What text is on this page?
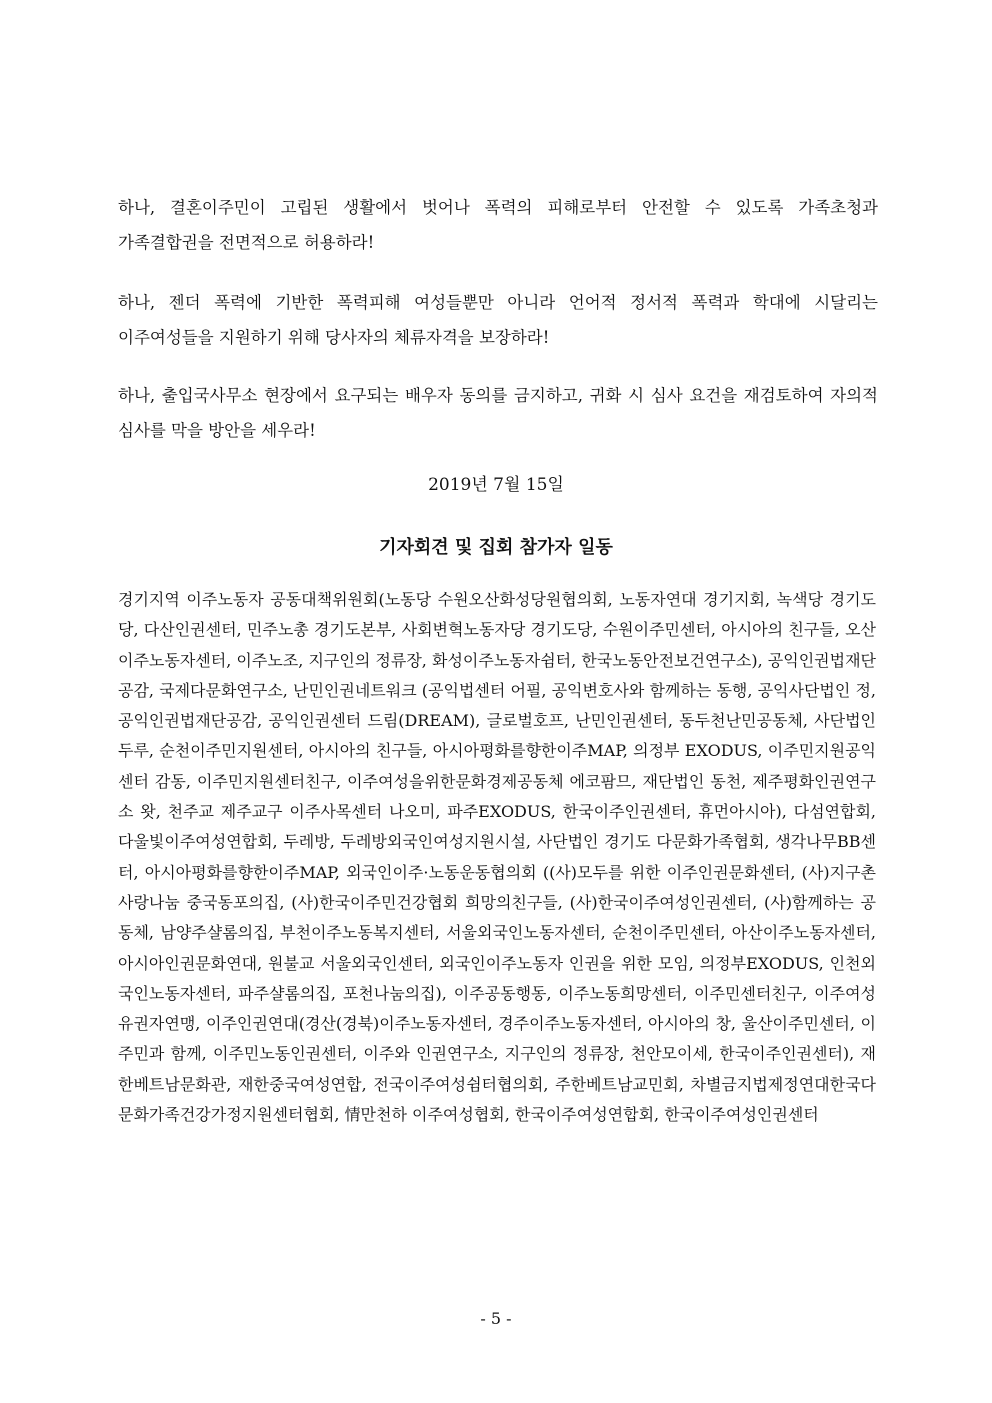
하나, 결혼이주민이 고립된 생활에서 벗어나 폭력의 피해로부터 안전할 수 있도록 가족초청과 가족결합권을 전면적으로 허용하라!

하나, 젠더 폭력에 기반한 폭력피해 여성들뿐만 아니라 언어적 정서적 폭력과 학대에 시달리는 이주여성들을 지원하기 위해 당사자의 체류자격을 보장하라!

하나, 출입국사무소 현장에서 요구되는 배우자 동의를 금지하고, 귀화 시 심사 요건을 재검토하여 자의적 심사를 막을 방안을 세우라!

2019년 7월 15일

기자회견 및 집회 참가자 일동

경기지역 이주노동자 공동대책위원회(노동당 수원오산화성당원협의회, 노동자연대 경기지회, 녹색당 경기도당, 다산인권센터, 민주노총 경기도본부, 사회변혁노동자당 경기도당, 수원이주민센터, 아시아의 친구들, 오산이주노동자센터, 이주노조, 지구인의 정류장, 화성이주노동자쉼터, 한국노동안전보건연구소), 공익인권법재단공감, 국제다문화연구소, 난민인권네트워크 (공익법센터 어필, 공익변호사와 함께하는 동행, 공익사단법인 정, 공익인권법재단공감, 공익인권센터 드림(DREAM), 글로벌호프, 난민인권센터, 동두천난민공동체, 사단법인두루, 순천이주민지원센터, 아시아의 친구들, 아시아평화를향한이주MAP, 의정부 EXODUS, 이주민지원공익센터 감동, 이주민지원센터친구, 이주여성을위한문화경제공동체 에코팜므, 재단법인 동천, 제주평화인권연구소 왓, 천주교 제주교구 이주사목센터 나오미, 파주EXODUS, 한국이주인권센터, 휴먼아시아), 다섬연합회, 다울빛이주여성연합회, 두레방, 두레방외국인여성지원시설, 사단법인 경기도 다문화가족협회, 생각나무BB센터, 아시아평화를향한이주MAP, 외국인이주·노동운동협의회 ((사)모두를 위한 이주인권문화센터, (사)지구촌사랑나눔 중국동포의집, (사)한국이주민건강협회 희망의친구들, (사)한국이주여성인권센터, (사)함께하는 공동체, 남양주샬롬의집, 부천이주노동복지센터, 서울외국인노동자센터, 순천이주민센터, 아산이주노동자센터, 아시아인권문화연대, 원불교 서울외국인센터, 외국인이주노동자 인권을 위한 모임, 의정부EXODUS, 인천외국인노동자센터, 파주샬롬의집, 포천나눔의집), 이주공동행동, 이주노동희망센터, 이주민센터친구, 이주여성유권자연맹, 이주인권연대(경산(경북)이주노동자센터, 경주이주노동자센터, 아시아의 창, 울산이주민센터, 이주민과 함께, 이주민노동인권센터, 이주와 인권연구소, 지구인의 정류장, 천안모이세, 한국이주인권센터), 재한베트남문화관, 재한중국여성연합, 전국이주여성쉼터협의회, 주한베트남교민회, 차별금지법제정연대한국다문화가족건강가정지원센터협회, 情만천하 이주여성협회, 한국이주여성연합회, 한국이주여성인권센터

- 5 -
